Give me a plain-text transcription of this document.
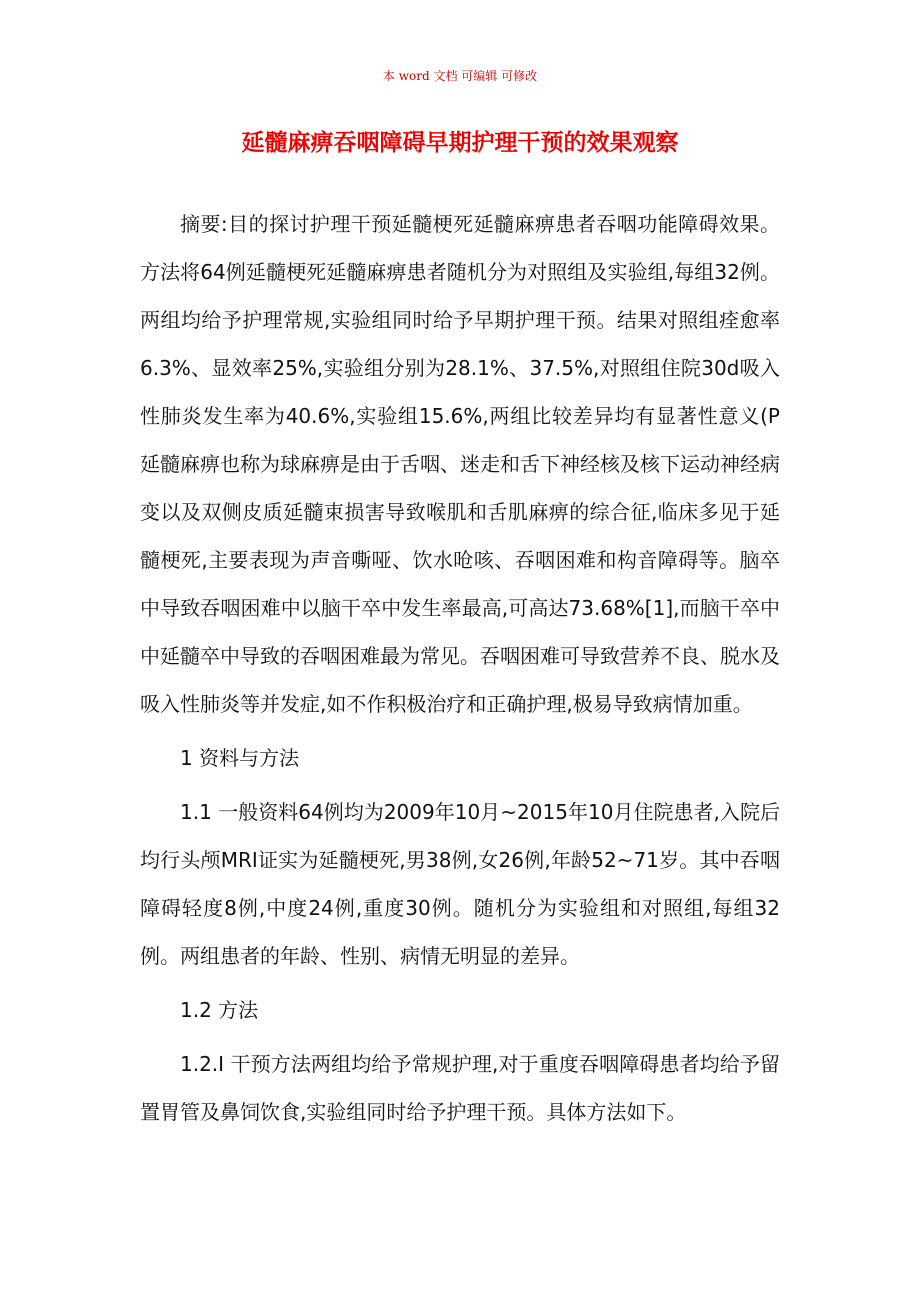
本 word 文档 可编辑 可修改
延髓麻痹吞咽障碍早期护理干预的效果观察

摘要:目的探讨护理干预延髓梗死延髓麻痹患者吞咽功能障碍效果。方法将64例延髓梗死延髓麻痹患者随机分为对照组及实验组,每组32例。两组均给予护理常规,实验组同时给予早期护理干预。结果对照组痊愈率6.3%、显效率25%,实验组分别为28.1%、37.5%,对照组住院30d吸入性肺炎发生率为40.6%,实验组15.6%,两组比较差异均有显著性意义(P 延髓麻痹也称为球麻痹是由于舌咽、迷走和舌下神经核及核下运动神经病变以及双侧皮质延髓束损害导致喉肌和舌肌麻痹的综合征,临床多见于延髓梗死,主要表现为声音嘶哑、饮水呛咳、吞咽困难和构音障碍等。脑卒中导致吞咽困难中以脑干卒中发生率最高,可高达73.68%[1],而脑干卒中中延髓卒中导致的吞咽困难最为常见。吞咽困难可导致营养不良、脱水及吸入性肺炎等并发症,如不作积极治疗和正确护理,极易导致病情加重。

1 资料与方法

1.1 一般资料64例均为2009年10月~2015年10月住院患者,入院后均行头颅MRI证实为延髓梗死,男38例,女26例,年龄52~71岁。其中吞咽障碍轻度8例,中度24例,重度30例。随机分为实验组和对照组,每组32例。两组患者的年龄、性别、病情无明显的差异。

1.2 方法

1.2.I 干预方法两组均给予常规护理,对于重度吞咽障碍患者均给予留置胃管及鼻饲饮食,实验组同时给予护理干预。具体方法如下。
